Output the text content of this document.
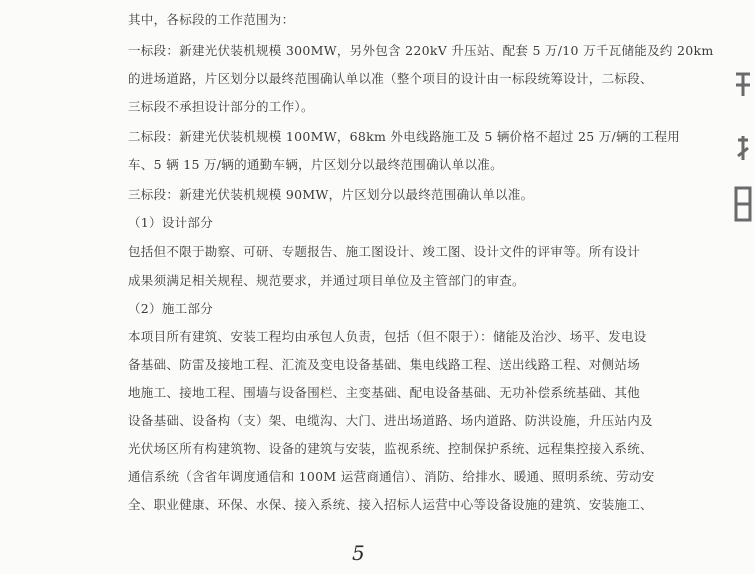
其中，各标段的工作范围为：
一标段：新建光伏装机规模 300MW，另外包含 220kV 升压站、配套 5 万/10 万千瓦储能及约 20km
的进场道路，片区划分以最终范围确认单以准（整个项目的设计由一标段统筹设计，二标段、
三标段不承担设计部分的工作）。
二标段：新建光伏装机规模 100MW，68km 外电线路施工及 5 辆价格不超过 25 万/辆的工程用
车、5 辆 15 万/辆的通勤车辆，片区划分以最终范围确认单以准。
三标段：新建光伏装机规模 90MW，片区划分以最终范围确认单以准。
（1）设计部分
包括但不限于勘察、可研、专题报告、施工图设计、竣工图、设计文件的评审等。所有设计
成果须满足相关规程、规范要求，并通过项目单位及主管部门的审查。
（2）施工部分
本项目所有建筑、安装工程均由承包人负责，包括（但不限于）：储能及治沙、场平、发电设
备基础、防雷及接地工程、汇流及变电设备基础、集电线路工程、送出线路工程、对侧站场
地施工、接地工程、围墙与设备围栏、主变基础、配电设备基础、无功补偿系统基础、其他
设备基础、设备构（支）架、电缆沟、大门、进出场道路、场内道路、防洪设施，升压站内及
光伏场区所有构建筑物、设备的建筑与安装，监视系统、控制保护系统、远程集控接入系统、
通信系统（含省年调度通信和 100M 运营商通信）、消防、给排水、暖通、照明系统、劳动安
全、职业健康、环保、水保、接入系统、接入招标人运营中心等设备设施的建筑、安装施工、
5
